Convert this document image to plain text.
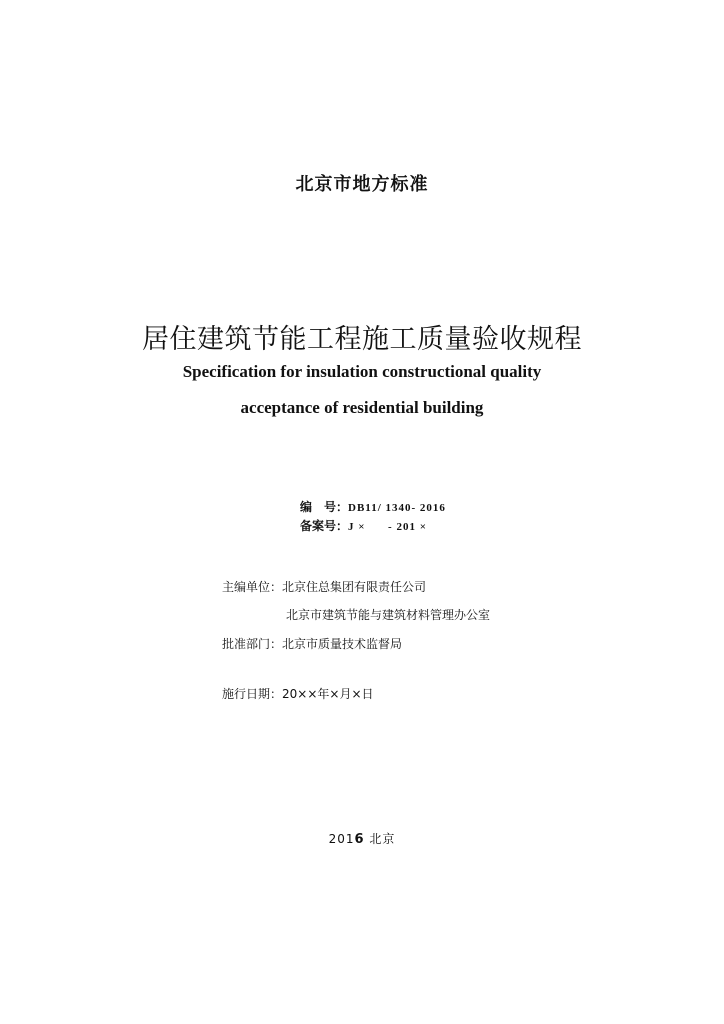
北京市地方标准
居住建筑节能工程施工质量验收规程
Specification for insulation constructional quality
acceptance of residential building
编　号：DB11/ 1340- 2016
备案号：J ×      - 201 ×
主编单位：北京住总集团有限责任公司
北京市建筑节能与建筑材料管理办公室
批准部门：北京市质量技术监督局
施行日期：20××年×月×日
2016 北京
